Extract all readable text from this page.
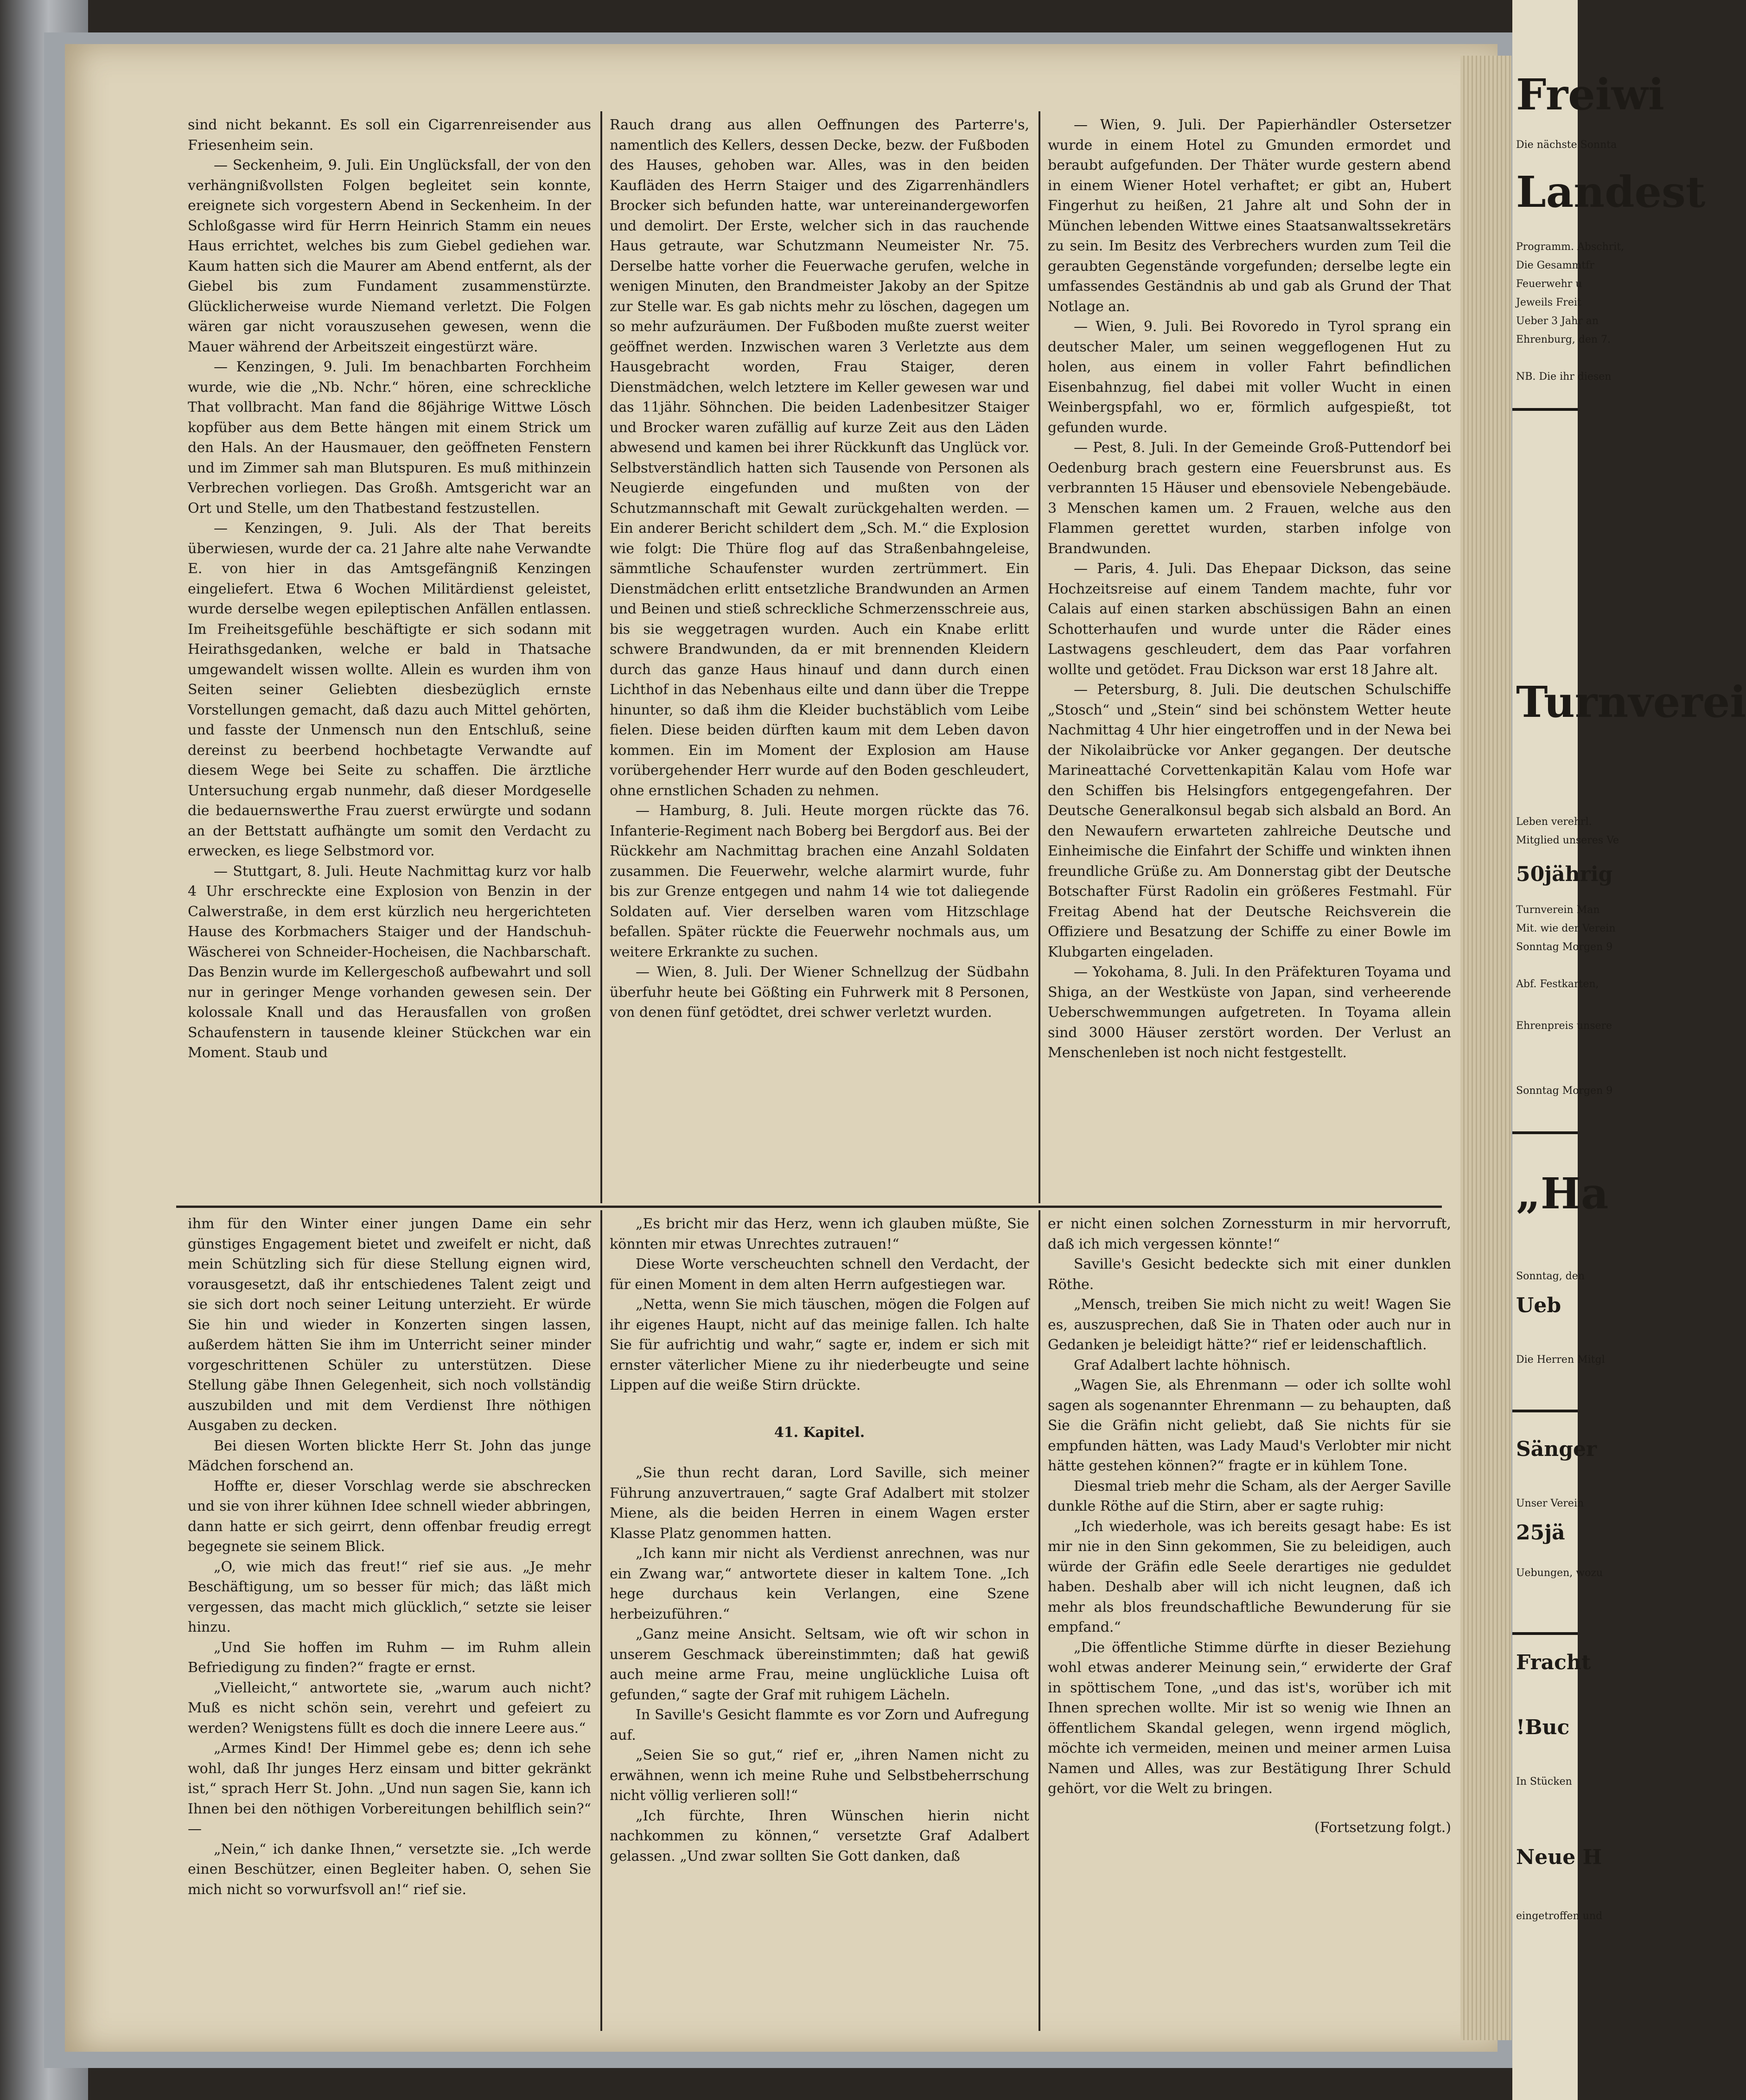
sind nicht bekannt. Es soll ein Cigarrenreisender aus Friesenheim sein.

— Seckenheim, 9. Juli. Ein Unglücksfall, der von den verhängnißvollsten Folgen begleitet sein konnte, ereignete sich vorgestern Abend in Seckenheim. In der Schloßgasse wird für Herrn Heinrich Stamm ein neues Haus errichtet, welches bis zum Giebel gediehen war. Kaum hatten sich die Maurer am Abend entfernt, als der Giebel bis zum Fundament zusammenstürzte. Glücklicherweise wurde Niemand verletzt. Die Folgen wären gar nicht vorauszusehen gewesen, wenn die Mauer während der Arbeitszeit eingestürzt wäre.

— Kenzingen, 9. Juli. Im benachbarten Forchheim wurde, wie die „Nb. Nchr.“ hören, eine schreckliche That vollbracht. Man fand die 86jährige Wittwe Lösch kopfüber aus dem Bette hängen mit einem Strick um den Hals. An der Hausmauer, den geöffneten Fenstern und im Zimmer sah man Blutspuren. Es muß mithinzein Verbrechen vorliegen. Das Großh. Amtsgericht war an Ort und Stelle, um den Thatbestand festzustellen.

— Kenzingen, 9. Juli. Als der That bereits überwiesen, wurde der ca. 21 Jahre alte nahe Verwandte E. von hier in das Amtsgefängniß Kenzingen eingeliefert. Etwa 6 Wochen Militärdienst geleistet, wurde derselbe wegen epileptischen Anfällen entlassen. Im Freiheitsgefühle beschäftigte er sich sodann mit Heirathsgedanken, welche er bald in Thatsache umgewandelt wissen wollte. Allein es wurden ihm von Seiten seiner Geliebten diesbezüglich ernste Vorstellungen gemacht, daß dazu auch Mittel gehörten, und fasste der Unmensch nun den Entschluß, seine dereinst zu beerbend hochbetagte Verwandte auf diesem Wege bei Seite zu schaffen. Die ärztliche Untersuchung ergab nunmehr, daß dieser Mordgeselle die bedauernswerthe Frau zuerst erwürgte und sodann an der Bettstatt aufhängte um somit den Verdacht zu erwecken, es liege Selbstmord vor.

— Stuttgart, 8. Juli. Heute Nachmittag kurz vor halb 4 Uhr erschreckte eine Explosion von Benzin in der Calwerstraße, in dem erst kürzlich neu hergerichteten Hause des Korbmachers Staiger und der Handschuh-Wäscherei von Schneider-Hocheisen, die Nachbarschaft. Das Benzin wurde im Kellergeschoß aufbewahrt und soll nur in geringer Menge vorhanden gewesen sein. Der kolossale Knall und das Herausfallen von großen Schaufenstern in tausende kleiner Stückchen war ein Moment. Staub und

Rauch drang aus allen Oeffnungen des Parterre's, namentlich des Kellers, dessen Decke, bezw. der Fußboden des Hauses, gehoben war. Alles, was in den beiden Kaufläden des Herrn Staiger und des Zigarrenhändlers Brocker sich befunden hatte, war untereinandergeworfen und demolirt. Der Erste, welcher sich in das rauchende Haus getraute, war Schutzmann Neumeister Nr. 75. Derselbe hatte vorher die Feuerwache gerufen, welche in wenigen Minuten, den Brandmeister Jakoby an der Spitze zur Stelle war. Es gab nichts mehr zu löschen, dagegen um so mehr aufzuräumen. Der Fußboden mußte zuerst weiter geöffnet werden. Inzwischen waren 3 Verletzte aus dem Hausgebracht worden, Frau Staiger, deren Dienstmädchen, welch letztere im Keller gewesen war und das 11jähr. Söhnchen. Die beiden Ladenbesitzer Staiger und Brocker waren zufällig auf kurze Zeit aus den Läden abwesend und kamen bei ihrer Rückkunft das Unglück vor. Selbstverständlich hatten sich Tausende von Personen als Neugierde eingefunden und mußten von der Schutzmannschaft mit Gewalt zurückgehalten werden. — Ein anderer Bericht schildert dem „Sch. M.“ die Explosion wie folgt: Die Thüre flog auf das Straßenbahngeleise, sämmtliche Schaufenster wurden zertrümmert. Ein Dienstmädchen erlitt entsetzliche Brandwunden an Armen und Beinen und stieß schreckliche Schmerzensschreie aus, bis sie weggetragen wurden. Auch ein Knabe erlitt schwere Brandwunden, da er mit brennenden Kleidern durch das ganze Haus hinauf und dann durch einen Lichthof in das Nebenhaus eilte und dann über die Treppe hinunter, so daß ihm die Kleider buchstäblich vom Leibe fielen. Diese beiden dürften kaum mit dem Leben davon kommen. Ein im Moment der Explosion am Hause vorübergehender Herr wurde auf den Boden geschleudert, ohne ernstlichen Schaden zu nehmen.

— Hamburg, 8. Juli. Heute morgen rückte das 76. Infanterie-Regiment nach Boberg bei Bergdorf aus. Bei der Rückkehr am Nachmittag brachen eine Anzahl Soldaten zusammen. Die Feuerwehr, welche alarmirt wurde, fuhr bis zur Grenze entgegen und nahm 14 wie tot daliegende Soldaten auf. Vier derselben waren vom Hitzschlage befallen. Später rückte die Feuerwehr nochmals aus, um weitere Erkrankte zu suchen.

— Wien, 8. Juli. Der Wiener Schnellzug der Südbahn überfuhr heute bei Gößting ein Fuhrwerk mit 8 Personen, von denen fünf getödtet, drei schwer verletzt wurden.

— Wien, 9. Juli. Der Papierhändler Ostersetzer wurde in einem Hotel zu Gmunden ermordet und beraubt aufgefunden. Der Thäter wurde gestern abend in einem Wiener Hotel verhaftet; er gibt an, Hubert Fingerhut zu heißen, 21 Jahre alt und Sohn der in München lebenden Wittwe eines Staatsanwaltssekretärs zu sein. Im Besitz des Verbrechers wurden zum Teil die geraubten Gegenstände vorgefunden; derselbe legte ein umfassendes Geständnis ab und gab als Grund der That Notlage an.

— Wien, 9. Juli. Bei Rovoredo in Tyrol sprang ein deutscher Maler, um seinen weggeflogenen Hut zu holen, aus einem in voller Fahrt befindlichen Eisenbahnzug, fiel dabei mit voller Wucht in einen Weinbergspfahl, wo er, förmlich aufgespießt, tot gefunden wurde.

— Pest, 8. Juli. In der Gemeinde Groß-Puttendorf bei Oedenburg brach gestern eine Feuersbrunst aus. Es verbrannten 15 Häuser und ebensoviele Nebengebäude. 3 Menschen kamen um. 2 Frauen, welche aus den Flammen gerettet wurden, starben infolge von Brandwunden.

— Paris, 4. Juli. Das Ehepaar Dickson, das seine Hochzeitsreise auf einem Tandem machte, fuhr vor Calais auf einen starken abschüssigen Bahn an einen Schotterhaufen und wurde unter die Räder eines Lastwagens geschleudert, dem das Paar vorfahren wollte und getödet. Frau Dickson war erst 18 Jahre alt.

— Petersburg, 8. Juli. Die deutschen Schulschiffe „Stosch“ und „Stein“ sind bei schönstem Wetter heute Nachmittag 4 Uhr hier eingetroffen und in der Newa bei der Nikolaibrücke vor Anker gegangen. Der deutsche Marineattaché Corvettenkapitän Kalau vom Hofe war den Schiffen bis Helsingfors entgegengefahren. Der Deutsche Generalkonsul begab sich alsbald an Bord. An den Newaufern erwarteten zahlreiche Deutsche und Einheimische die Einfahrt der Schiffe und winkten ihnen freundliche Grüße zu. Am Donnerstag gibt der Deutsche Botschafter Fürst Radolin ein größeres Festmahl. Für Freitag Abend hat der Deutsche Reichsverein die Offiziere und Besatzung der Schiffe zu einer Bowle im Klubgarten eingeladen.

— Yokohama, 8. Juli. In den Präfekturen Toyama und Shiga, an der Westküste von Japan, sind verheerende Ueberschwemmungen aufgetreten. In Toyama allein sind 3000 Häuser zerstört worden. Der Verlust an Menschenleben ist noch nicht festgestellt.

ihm für den Winter einer jungen Dame ein sehr günstiges Engagement bietet und zweifelt er nicht, daß mein Schützling sich für diese Stellung eignen wird, vorausgesetzt, daß ihr entschiedenes Talent zeigt und sie sich dort noch seiner Leitung unterzieht. Er würde Sie hin und wieder in Konzerten singen lassen, außerdem hätten Sie ihm im Unterricht seiner minder vorgeschrittenen Schüler zu unterstützen. Diese Stellung gäbe Ihnen Gelegenheit, sich noch vollständig auszubilden und mit dem Verdienst Ihre nöthigen Ausgaben zu decken.

Bei diesen Worten blickte Herr St. John das junge Mädchen forschend an.

Hoffte er, dieser Vorschlag werde sie abschrecken und sie von ihrer kühnen Idee schnell wieder abbringen, dann hatte er sich geirrt, denn offenbar freudig erregt begegnete sie seinem Blick.

„O, wie mich das freut!“ rief sie aus. „Je mehr Beschäftigung, um so besser für mich; das läßt mich vergessen, das macht mich glücklich,“ setzte sie leiser hinzu.

„Und Sie hoffen im Ruhm — im Ruhm allein Befriedigung zu finden?“ fragte er ernst.

„Vielleicht,“ antwortete sie, „warum auch nicht? Muß es nicht schön sein, verehrt und gefeiert zu werden? Wenigstens füllt es doch die innere Leere aus.“

„Armes Kind! Der Himmel gebe es; denn ich sehe wohl, daß Ihr junges Herz einsam und bitter gekränkt ist,“ sprach Herr St. John. „Und nun sagen Sie, kann ich Ihnen bei den nöthigen Vorbereitungen behilflich sein?“ —

„Nein,“ ich danke Ihnen,“ versetzte sie. „Ich werde einen Beschützer, einen Begleiter haben. O, sehen Sie mich nicht so vorwurfsvoll an!“ rief sie.

„Es bricht mir das Herz, wenn ich glauben müßte, Sie könnten mir etwas Unrechtes zutrauen!“

Diese Worte verscheuchten schnell den Verdacht, der für einen Moment in dem alten Herrn aufgestiegen war.

„Netta, wenn Sie mich täuschen, mögen die Folgen auf ihr eigenes Haupt, nicht auf das meinige fallen. Ich halte Sie für aufrichtig und wahr,“ sagte er, indem er sich mit ernster väterlicher Miene zu ihr niederbeugte und seine Lippen auf die weiße Stirn drückte.

41. Kapitel.

„Sie thun recht daran, Lord Saville, sich meiner Führung anzuvertrauen,“ sagte Graf Adalbert mit stolzer Miene, als die beiden Herren in einem Wagen erster Klasse Platz genommen hatten.

„Ich kann mir nicht als Verdienst anrechnen, was nur ein Zwang war,“ antwortete dieser in kaltem Tone. „Ich hege durchaus kein Verlangen, eine Szene herbeizuführen.“

„Ganz meine Ansicht. Seltsam, wie oft wir schon in unserem Geschmack übereinstimmten; daß hat gewiß auch meine arme Frau, meine unglückliche Luisa oft gefunden,“ sagte der Graf mit ruhigem Lächeln.

In Saville's Gesicht flammte es vor Zorn und Aufregung auf.

„Seien Sie so gut,“ rief er, „ihren Namen nicht zu erwähnen, wenn ich meine Ruhe und Selbstbeherrschung nicht völlig verlieren soll!“

„Ich fürchte, Ihren Wünschen hierin nicht nachkommen zu können,“ versetzte Graf Adalbert gelassen. „Und zwar sollten Sie Gott danken, daß

er nicht einen solchen Zornessturm in mir hervorruft, daß ich mich vergessen könnte!“

Saville's Gesicht bedeckte sich mit einer dunklen Röthe.

„Mensch, treiben Sie mich nicht zu weit! Wagen Sie es, auszusprechen, daß Sie in Thaten oder auch nur in Gedanken je beleidigt hätte?“ rief er leidenschaftlich.

Graf Adalbert lachte höhnisch.

„Wagen Sie, als Ehrenmann — oder ich sollte wohl sagen als sogenannter Ehrenmann — zu behaupten, daß Sie die Gräfin nicht geliebt, daß Sie nichts für sie empfunden hätten, was Lady Maud's Verlobter mir nicht hätte gestehen können?“ fragte er in kühlem Tone.

Diesmal trieb mehr die Scham, als der Aerger Saville dunkle Röthe auf die Stirn, aber er sagte ruhig:

„Ich wiederhole, was ich bereits gesagt habe: Es ist mir nie in den Sinn gekommen, Sie zu beleidigen, auch würde der Gräfin edle Seele derartiges nie geduldet haben. Deshalb aber will ich nicht leugnen, daß ich mehr als blos freundschaftliche Bewunderung für sie empfand.“

„Die öffentliche Stimme dürfte in dieser Beziehung wohl etwas anderer Meinung sein,“ erwiderte der Graf in spöttischem Tone, „und das ist's, worüber ich mit Ihnen sprechen wollte. Mir ist so wenig wie Ihnen an öffentlichem Skandal gelegen, wenn irgend möglich, möchte ich vermeiden, meinen und meiner armen Luisa Namen und Alles, was zur Bestätigung Ihrer Schuld gehört, vor die Welt zu bringen.

(Fortsetzung folgt.)

Freiwi
Die nächste Sonnta
Landest
Programm. Abschrit,
Die Gesammtfr
Feuerwehr u
Jeweils Freit
Ueber 3 Jahr an
Ehrenburg, den 7.
NB. Die ihr diesen
Turnverei
Leben verehrl.
Mitglied unseres Ve
50jährig
Turnverein Man
Mit. wie der Verein
Sonntag Morgen 9
Abf. Festkarten,
Ehrenpreis unsere
Sonntag Morgen 9
„Ha
Sonntag, den
Ueb
Die Herren Mitgl
Sänger
Unser Verein
25jä
Uebungen, wozu
Fracht
!Buc
In Stücken
Neue H
eingetroffen und
